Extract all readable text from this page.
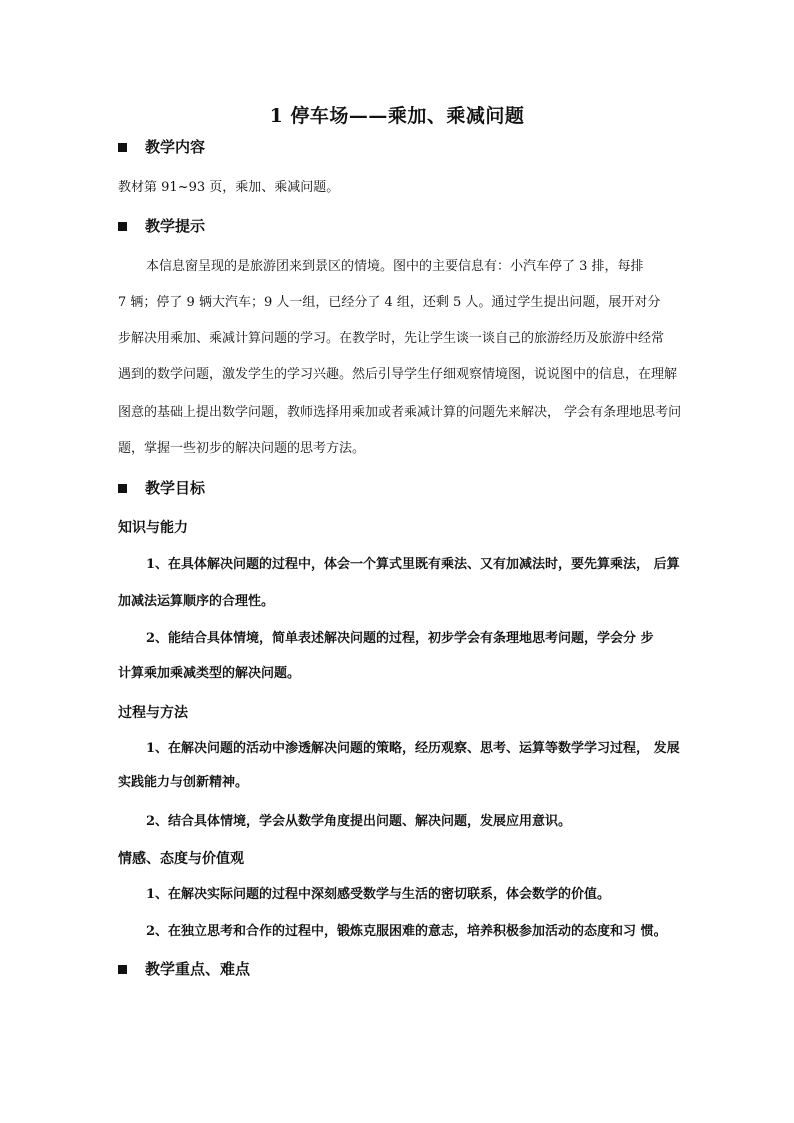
1 停车场——乘加、乘减问题
教学内容
教材第 91~93 页，乘加、乘减问题。
教学提示
本信息窗呈现的是旅游团来到景区的情境。图中的主要信息有：小汽车停了 3 排，每排
7 辆；停了 9 辆大汽车；9 人一组，已经分了 4 组，还剩 5 人。通过学生提出问题，展开对分
步解决用乘加、乘减计算问题的学习。在教学时，先让学生谈一谈自己的旅游经历及旅游中经常
遇到的数学问题，激发学生的学习兴趣。然后引导学生仔细观察情境图，说说图中的信息，在理解
图意的基础上提出数学问题，教师选择用乘加或者乘减计算的问题先来解决， 学会有条理地思考问
题，掌握一些初步的解决问题的思考方法。
教学目标
知识与能力
1、在具体解决问题的过程中，体会一个算式里既有乘法、又有加减法时，要先算乘法， 后算
加减法运算顺序的合理性。
2、能结合具体情境，简单表述解决问题的过程，初步学会有条理地思考问题，学会分 步
计算乘加乘减类型的解决问题。
过程与方法
1、在解决问题的活动中渗透解决问题的策略，经历观察、思考、运算等数学学习过程， 发展
实践能力与创新精神。
2、结合具体情境，学会从数学角度提出问题、解决问题，发展应用意识。
情感、态度与价值观
1、在解决实际问题的过程中深刻感受数学与生活的密切联系，体会数学的价值。
2、在独立思考和合作的过程中，锻炼克服困难的意志，培养积极参加活动的态度和习 惯。
教学重点、难点
